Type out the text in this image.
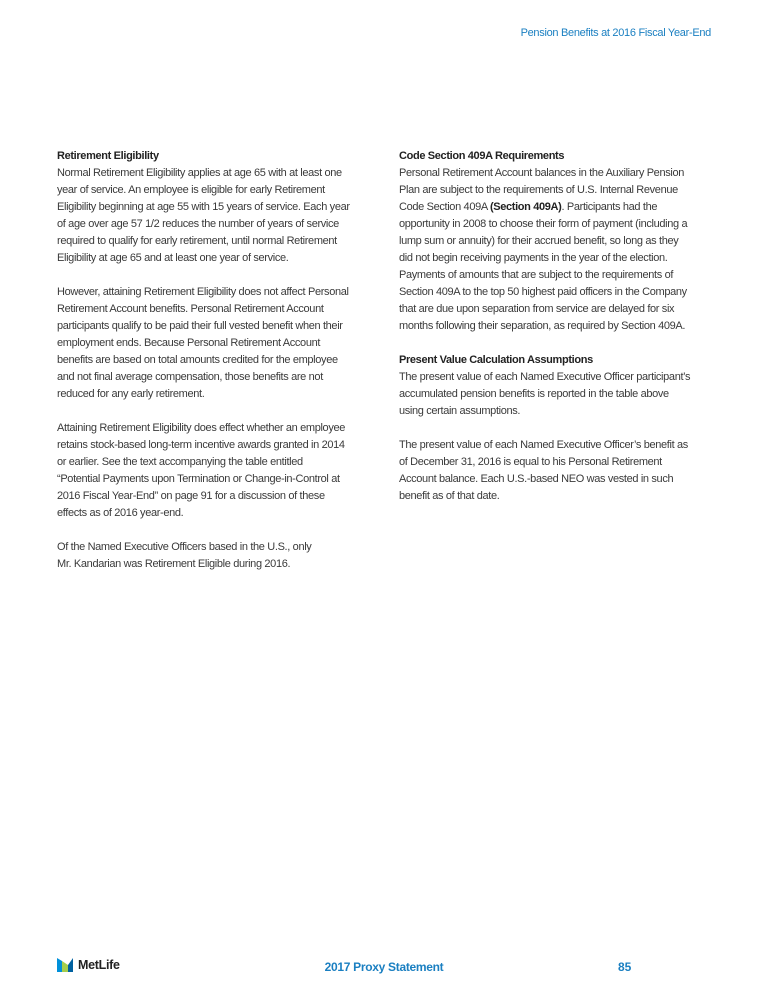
Pension Benefits at 2016 Fiscal Year-End
Retirement Eligibility
Normal Retirement Eligibility applies at age 65 with at least one
year of service. An employee is eligible for early Retirement
Eligibility beginning at age 55 with 15 years of service. Each year
of age over age 57 1/2 reduces the number of years of service
required to qualify for early retirement, until normal Retirement
Eligibility at age 65 and at least one year of service.
However, attaining Retirement Eligibility does not affect Personal
Retirement Account benefits. Personal Retirement Account
participants qualify to be paid their full vested benefit when their
employment ends. Because Personal Retirement Account
benefits are based on total amounts credited for the employee
and not final average compensation, those benefits are not
reduced for any early retirement.
Attaining Retirement Eligibility does effect whether an employee
retains stock-based long-term incentive awards granted in 2014
or earlier. See the text accompanying the table entitled
“Potential Payments upon Termination or Change-in-Control at
2016 Fiscal Year-End” on page 91 for a discussion of these
effects as of 2016 year-end.
Of the Named Executive Officers based in the U.S., only
Mr. Kandarian was Retirement Eligible during 2016.
Code Section 409A Requirements
Personal Retirement Account balances in the Auxiliary Pension
Plan are subject to the requirements of U.S. Internal Revenue
Code Section 409A (Section 409A). Participants had the
opportunity in 2008 to choose their form of payment (including a
lump sum or annuity) for their accrued benefit, so long as they
did not begin receiving payments in the year of the election.
Payments of amounts that are subject to the requirements of
Section 409A to the top 50 highest paid officers in the Company
that are due upon separation from service are delayed for six
months following their separation, as required by Section 409A.
Present Value Calculation Assumptions
The present value of each Named Executive Officer participant’s
accumulated pension benefits is reported in the table above
using certain assumptions.
The present value of each Named Executive Officer’s benefit as
of December 31, 2016 is equal to his Personal Retirement
Account balance. Each U.S.-based NEO was vested in such
benefit as of that date.
MetLife	2017 Proxy Statement	85
